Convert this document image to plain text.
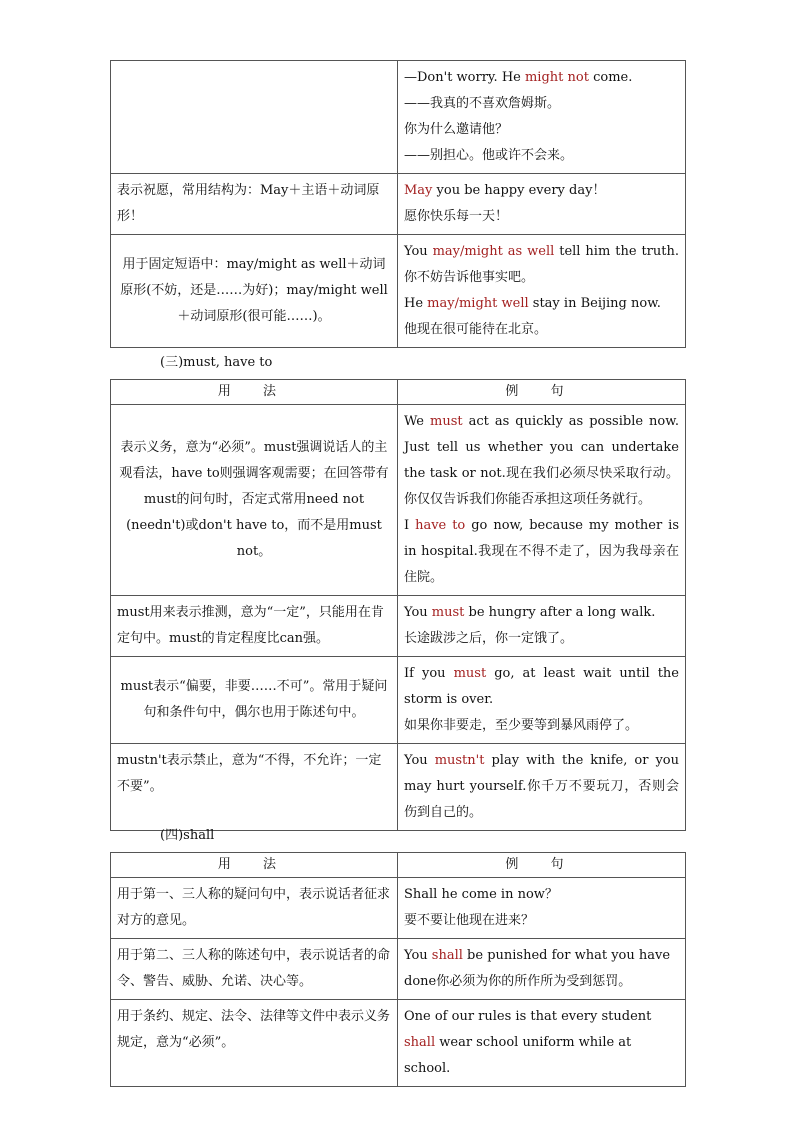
	—Don't worry. He might not come.

——我真的不喜欢詹姆斯。

你为什么邀请他？

——别担心。他或许不会来。

表示祝愿，常用结构为：May＋主语＋动词原形！	May you be happy every day！

愿你快乐每一天！

用于固定短语中：may/might as well＋动词原形(不妨，还是……为好)；may/might well＋动词原形(很可能……)。	You may/might as well tell him the truth.你不妨告诉他事实吧。

He may/might well stay in Beijing now.

他现在很可能待在北京。

(三)must, have to
用 法	例 句
表示义务，意为“必须”。must强调说话人的主观看法，have to则强调客观需要；在回答带有must的问句时，否定式常用need not (needn't)或don't have to，而不是用must not。	We must act as quickly as possible now. Just tell us whether you can undertake the task or not.现在我们必须尽快采取行动。你仅仅告诉我们你能否承担这项任务就行。

I have to go now, because my mother is in hospital.我现在不得不走了，因为我母亲在住院。

must用来表示推测，意为“一定”，只能用在肯定句中。must的肯定程度比can强。	You must be hungry after a long walk.

长途跋涉之后，你一定饿了。

must表示“偏要，非要……不可”。常用于疑问句和条件句中，偶尔也用于陈述句中。	If you must go, at least wait until the storm is over.

如果你非要走，至少要等到暴风雨停了。

mustn't表示禁止，意为“不得，不允许；一定不要”。	You mustn't play with the knife, or you may hurt yourself.你千万不要玩刀，否则会伤到自己的。

(四)shall
用 法	例 句
用于第一、三人称的疑问句中，表示说话者征求对方的意见。	Shall he come in now？

要不要让他现在进来？

用于第二、三人称的陈述句中，表示说话者的命令、警告、威胁、允诺、决心等。	You shall be punished for what you have done你必须为你的所作所为受到惩罚。

用于条约、规定、法令、法律等文件中表示义务规定，意为“必须”。	One of our rules is that every student shall wear school uniform while at school.
